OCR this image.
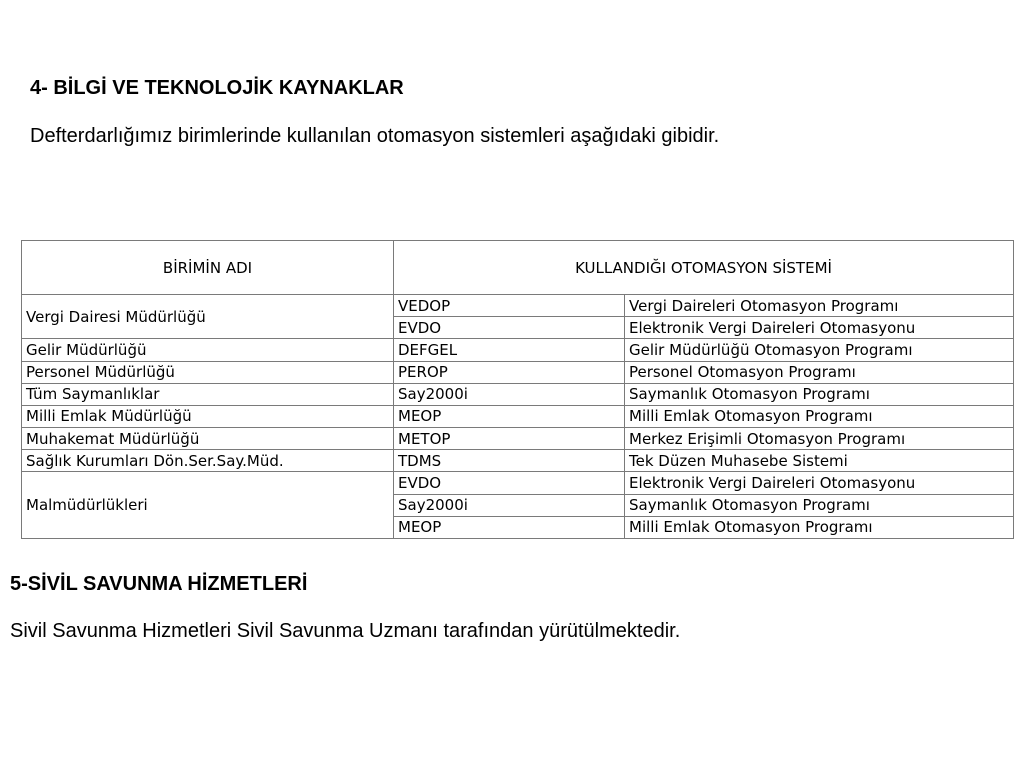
4- BİLGİ VE TEKNOLOJİK KAYNAKLAR
Defterdarlığımız birimlerinde kullanılan otomasyon sistemleri aşağıdaki gibidir.
BİRİMİN ADI	KULLANDIĞI OTOMASYON SİSTEMİ	
Vergi Dairesi Müdürlüğü	VEDOP	Vergi Daireleri Otomasyon Programı
	EVDO	Elektronik Vergi Daireleri Otomasyonu
Gelir Müdürlüğü	DEFGEL	Gelir Müdürlüğü Otomasyon Programı
Personel Müdürlüğü	PEROP	Personel Otomasyon Programı
Tüm Saymanlıklar	Say2000i	Saymanlık Otomasyon Programı
Milli Emlak Müdürlüğü	MEOP	Milli Emlak Otomasyon Programı
Muhakemat Müdürlüğü	METOP	Merkez Erişimli Otomasyon Programı
Sağlık Kurumları Dön.Ser.Say.Müd.	TDMS	Tek Düzen Muhasebe Sistemi
Malmüdürlükleri	EVDO	Elektronik Vergi Daireleri Otomasyonu
	Say2000i	Saymanlık Otomasyon Programı
	MEOP	Milli Emlak Otomasyon Programı
5-SİVİL SAVUNMA HİZMETLERİ
Sivil Savunma Hizmetleri Sivil Savunma Uzmanı tarafından yürütülmektedir.
